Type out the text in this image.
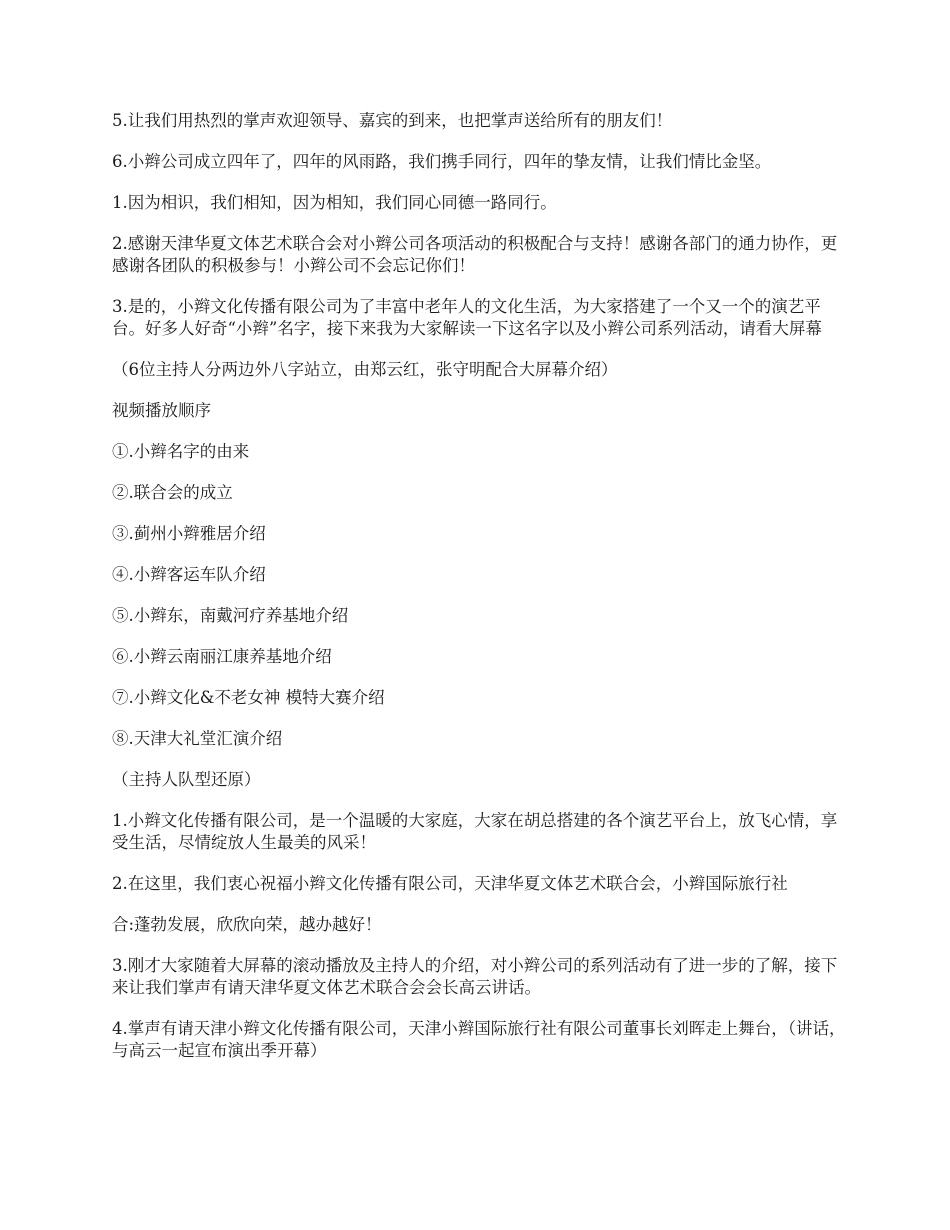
5.让我们用热烈的掌声欢迎领导、嘉宾的到来，也把掌声送给所有的朋友们！

6.小辫公司成立四年了，四年的风雨路，我们携手同行，四年的挚友情，让我们情比金坚。

1.因为相识，我们相知，因为相知，我们同心同德一路同行。

2.感谢天津华夏文体艺术联合会对小辫公司各项活动的积极配合与支持！感谢各部门的通力协作，更感谢各团队的积极参与！小辫公司不会忘记你们！

3.是的，小辫文化传播有限公司为了丰富中老年人的文化生活，为大家搭建了一个又一个的演艺平台。好多人好奇“小辫”名字，接下来我为大家解读一下这名字以及小辫公司系列活动，请看大屏幕

（6位主持人分两边外八字站立，由郑云红，张守明配合大屏幕介绍）

视频播放顺序

①.小辫名字的由来

②.联合会的成立

③.蓟州小辫雅居介绍

④.小辫客运车队介绍

⑤.小辫东，南戴河疗养基地介绍

⑥.小辫云南丽江康养基地介绍

⑦.小辫文化&不老女神 模特大赛介绍

⑧.天津大礼堂汇演介绍

（主持人队型还原）

1.小辫文化传播有限公司，是一个温暖的大家庭，大家在胡总搭建的各个演艺平台上，放飞心情，享受生活，尽情绽放人生最美的风采！

2.在这里，我们衷心祝福小辫文化传播有限公司，天津华夏文体艺术联合会，小辫国际旅行社

合:蓬勃发展，欣欣向荣，越办越好！

3.刚才大家随着大屏幕的滚动播放及主持人的介绍，对小辫公司的系列活动有了进一步的了解，接下来让我们掌声有请天津华夏文体艺术联合会会长高云讲话。

4.掌声有请天津小辫文化传播有限公司，天津小辫国际旅行社有限公司董事长刘晖走上舞台，（讲话，与高云一起宣布演出季开幕）
